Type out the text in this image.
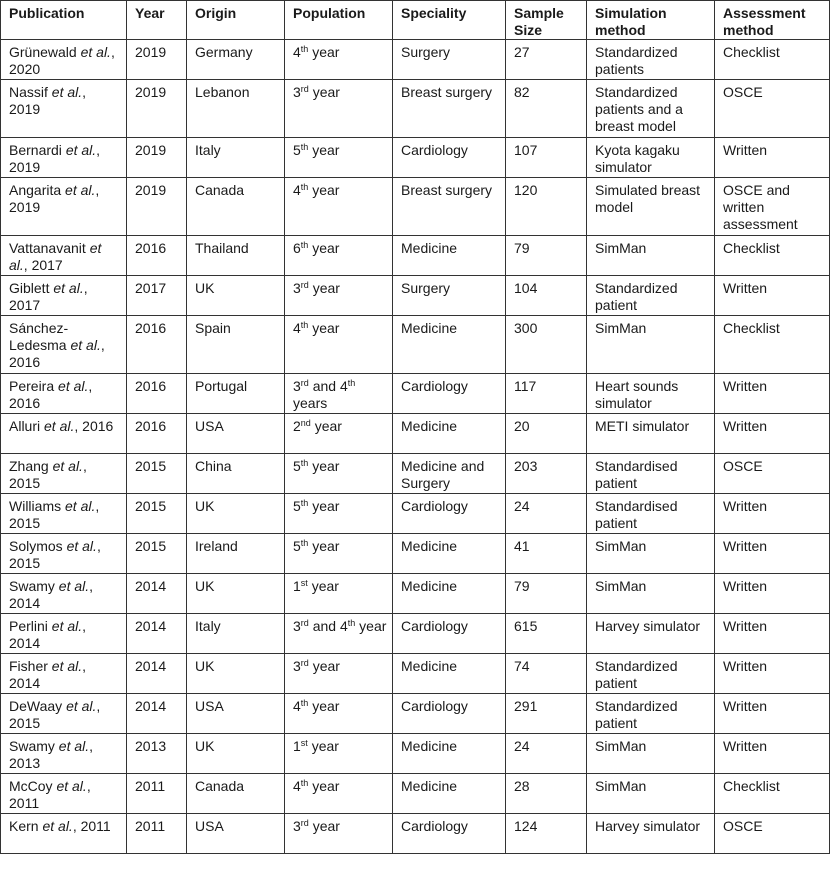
Publication	Year	Origin	Population	Speciality	Sample Size	Simulation method	Assessment method
Grünewald et al., 2020	2019	Germany	4th year	Surgery	27	Standardized patients	Checklist
Nassif et al., 2019	2019	Lebanon	3rd year	Breast surgery	82	Standardized patients and a breast model	OSCE
Bernardi et al., 2019	2019	Italy	5th year	Cardiology	107	Kyota kagaku simulator	Written
Angarita et al., 2019	2019	Canada	4th year	Breast surgery	120	Simulated breast model	OSCE and written assessment
Vattanavanit et al., 2017	2016	Thailand	6th year	Medicine	79	SimMan	Checklist
Giblett et al., 2017	2017	UK	3rd year	Surgery	104	Standardized patient	Written
Sánchez-Ledesma et al., 2016	2016	Spain	4th year	Medicine	300	SimMan	Checklist
Pereira et al., 2016	2016	Portugal	3rd and 4th years	Cardiology	117	Heart sounds simulator	Written
Alluri et al., 2016	2016	USA	2nd year	Medicine	20	METI simulator	Written
Zhang et al., 2015	2015	China	5th year	Medicine and Surgery	203	Standardised patient	OSCE
Williams et al., 2015	2015	UK	5th year	Cardiology	24	Standardised patient	Written
Solymos et al., 2015	2015	Ireland	5th year	Medicine	41	SimMan	Written
Swamy et al., 2014	2014	UK	1st year	Medicine	79	SimMan	Written
Perlini et al., 2014	2014	Italy	3rd and 4th year	Cardiology	615	Harvey simulator	Written
Fisher et al., 2014	2014	UK	3rd year	Medicine	74	Standardized patient	Written
DeWaay et al., 2015	2014	USA	4th year	Cardiology	291	Standardized patient	Written
Swamy et al., 2013	2013	UK	1st year	Medicine	24	SimMan	Written
McCoy et al., 2011	2011	Canada	4th year	Medicine	28	SimMan	Checklist
Kern et al., 2011	2011	USA	3rd year	Cardiology	124	Harvey simulator	OSCE
